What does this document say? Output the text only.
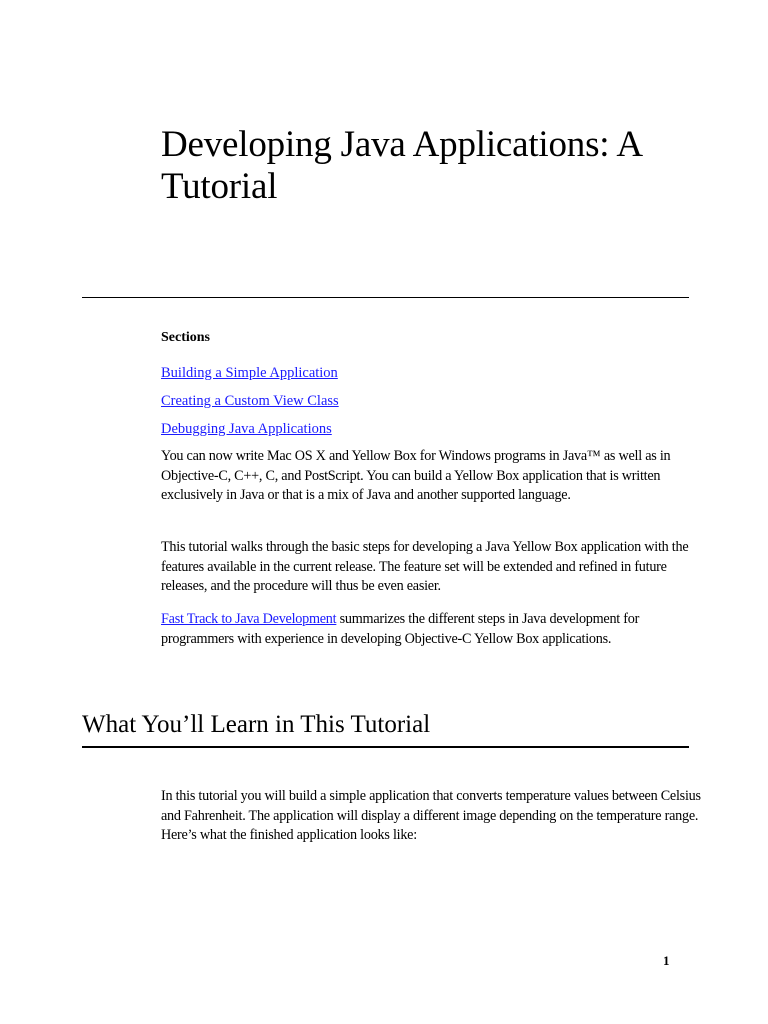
Developing Java Applications: A Tutorial
Sections
Building a Simple Application
Creating a Custom View Class
Debugging Java Applications

You can now write Mac OS X and Yellow Box for Windows programs in Java™ as well as in Objective-C, C++, C, and PostScript. You can build a Yellow Box application that is written exclusively in Java or that is a mix of Java and another supported language.

This tutorial walks through the basic steps for developing a Java Yellow Box application with the features available in the current release. The feature set will be extended and refined in future releases, and the procedure will thus be even easier.

Fast Track to Java Development summarizes the different steps in Java development for programmers with experience in developing Objective-C Yellow Box applications.

What You’ll Learn in This Tutorial

In this tutorial you will build a simple application that converts temperature values between Celsius and Fahrenheit. The application will display a different image depending on the temperature range. Here’s what the finished application looks like:

1
